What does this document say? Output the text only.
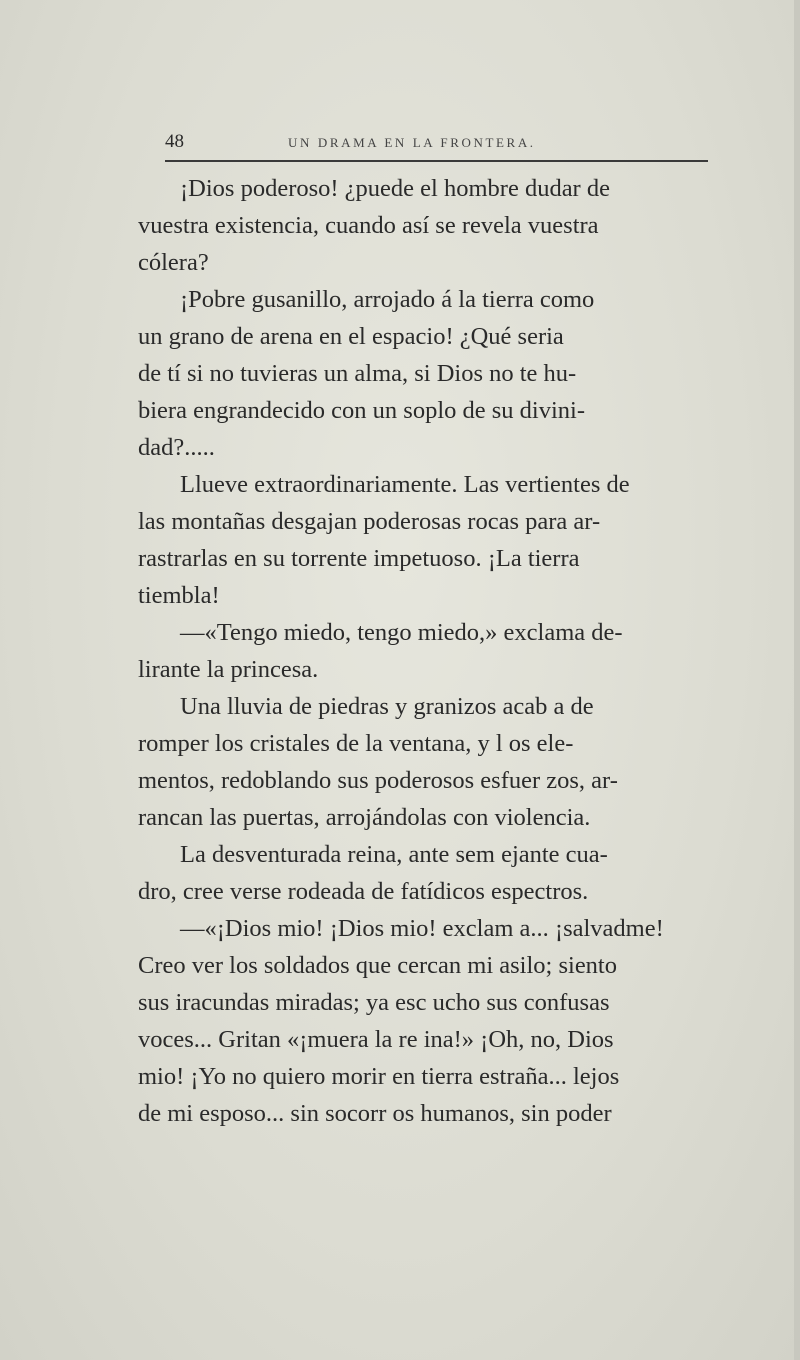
48	UN DRAMA EN LA FRONTERA.
¡Dios poderoso! ¿puede el hombre dudar de
vuestra existencia, cuando así se revela vuestra
cólera?
¡Pobre gusanillo, arrojado á la tierra como
un grano de arena en el espacio! ¿Qué seria
de tí si no tuvieras un alma, si Dios no te hu-
biera engrandecido con un soplo de su divini-
dad?.....
Llueve extraordinariamente. Las vertientes de
las montañas desgajan poderosas rocas para ar-
rastrarlas en su torrente impetuoso. ¡La tierra
tiembla!
—«Tengo miedo, tengo miedo,» exclama de-
lirante la princesa.
Una lluvia de piedras y granizos acab a de
romper los cristales de la ventana, y l os ele-
mentos, redoblando sus poderosos esfuer zos, ar-
rancan las puertas, arrojándolas con violencia.
La desventurada reina, ante sem ejante cua-
dro, cree verse rodeada de fatídicos espectros.
—«¡Dios mio! ¡Dios mio! exclam a... ¡salvadme!
Creo ver los soldados que cercan mi asilo; siento
sus iracundas miradas; ya esc ucho sus confusas
voces... Gritan «¡muera la re ina!» ¡Oh, no, Dios
mio! ¡Yo no quiero morir en tierra estraña... lejos
de mi esposo... sin socorr os humanos, sin poder
